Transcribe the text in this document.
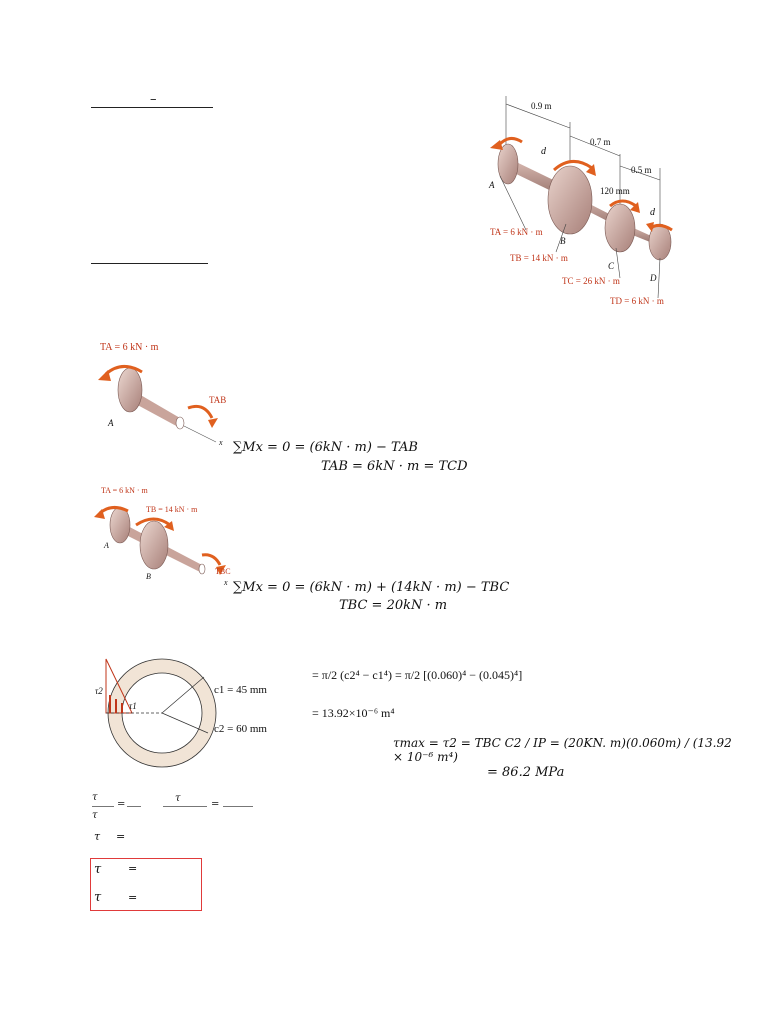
–	0.9 m
0.7 m
0.5 m
120 mm
d
d
A
B
C
D
TA = 6 kN · m
TB = 14 kN · m
TC = 26 kN · m
TD = 6 kN · m
TA = 6 kN · m
TAB
A
x ∑Mx = 0 = (6kN · m) − TAB
TAB = 6kN · m = TCD
TA = 6 kN · m
TB = 14 kN · m
TBC
A
B
x ∑Mx = 0 = (6kN · m) + (14kN · m) − TBC
TBC = 20kN · m
τ2
τ1
c1 = 45 mm
c2 = 60 mm
= π/2 (c2⁴ − c1⁴) = π/2 [(0.060)⁴ − (0.045)⁴]
= 13.92×10⁻⁶ m⁴
τmax = τ2 = TBC C2 / IP = (20KN. m)(0.060m) / (13.92 × 10⁻⁶ m⁴)
= 86.2 MPa
τ
τ
=
τ
=
τ =
τ =
τ =
